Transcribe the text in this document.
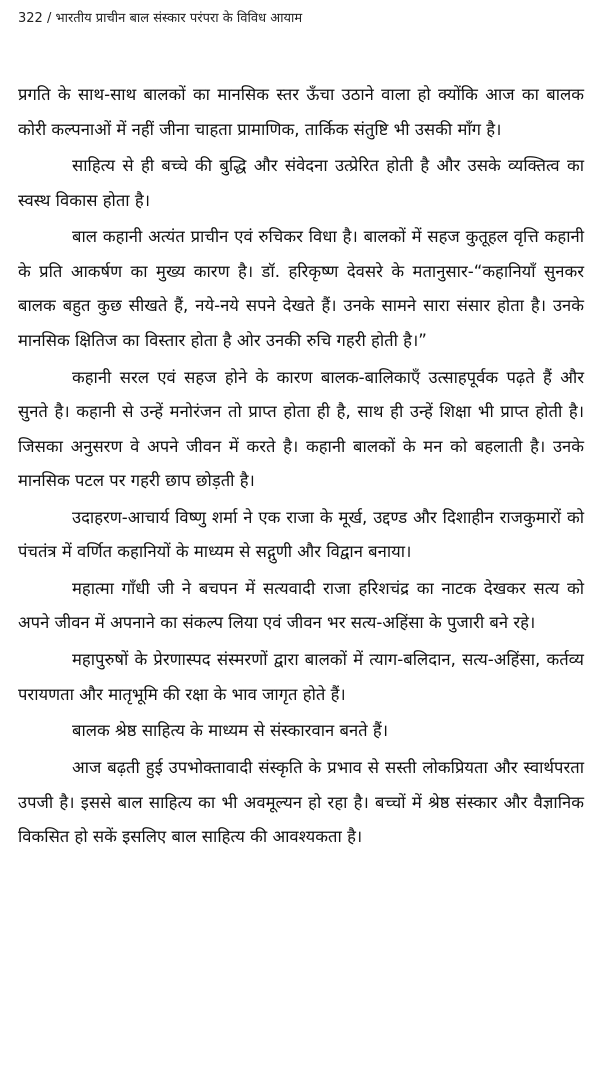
322 / भारतीय प्राचीन बाल संस्कार परंपरा के विविध आयाम

प्रगति के साथ-साथ बालकों का मानसिक स्तर ऊँचा उठाने वाला हो क्योंकि आज का बालक कोरी कल्पनाओं में नहीं जीना चाहता प्रामाणिक, तार्किक संतुष्टि भी उसकी माँग है।

साहित्य से ही बच्चे की बुद्धि और संवेदना उत्प्रेरित होती है और उसके व्यक्तित्व का स्वस्थ विकास होता है।

बाल कहानी अत्यंत प्राचीन एवं रुचिकर विधा है। बालकों में सहज कुतूहल वृत्ति कहानी के प्रति आकर्षण का मुख्य कारण है। डॉ. हरिकृष्ण देवसरे के मतानुसार-“कहानियाँ सुनकर बालक बहुत कुछ सीखते हैं, नये-नये सपने देखते हैं। उनके सामने सारा संसार होता है। उनके मानसिक क्षितिज का विस्तार होता है ओर उनकी रुचि गहरी होती है।”

कहानी सरल एवं सहज होने के कारण बालक-बालिकाएँ उत्साहपूर्वक पढ़ते हैं और सुनते है। कहानी से उन्हें मनोरंजन तो प्राप्त होता ही है, साथ ही उन्हें शिक्षा भी प्राप्त होती है। जिसका अनुसरण वे अपने जीवन में करते है। कहानी बालकों के मन को बहलाती है। उनके मानसिक पटल पर गहरी छाप छोड़ती है।

उदाहरण-आचार्य विष्णु शर्मा ने एक राजा के मूर्ख, उद्दण्ड और दिशाहीन राजकुमारों को पंचतंत्र में वर्णित कहानियों के माध्यम से सद्गुणी और विद्वान बनाया।

महात्मा गाँधी जी ने बचपन में सत्यवादी राजा हरिशचंद्र का नाटक देखकर सत्य को अपने जीवन में अपनाने का संकल्प लिया एवं जीवन भर सत्य-अहिंसा के पुजारी बने रहे।

महापुरुषों के प्रेरणास्पद संस्मरणों द्वारा बालकों में त्याग-बलिदान, सत्य-अहिंसा, कर्तव्य परायणता और मातृभूमि की रक्षा के भाव जागृत होते हैं।

बालक श्रेष्ठ साहित्य के माध्यम से संस्कारवान बनते हैं।

आज बढ़ती हुई उपभोक्तावादी संस्कृति के प्रभाव से सस्ती लोकप्रियता और स्वार्थपरता उपजी है। इससे बाल साहित्य का भी अवमूल्यन हो रहा है। बच्चों में श्रेष्ठ संस्कार और वैज्ञानिक विकसित हो सकें इसलिए बाल साहित्य की आवश्यकता है।
